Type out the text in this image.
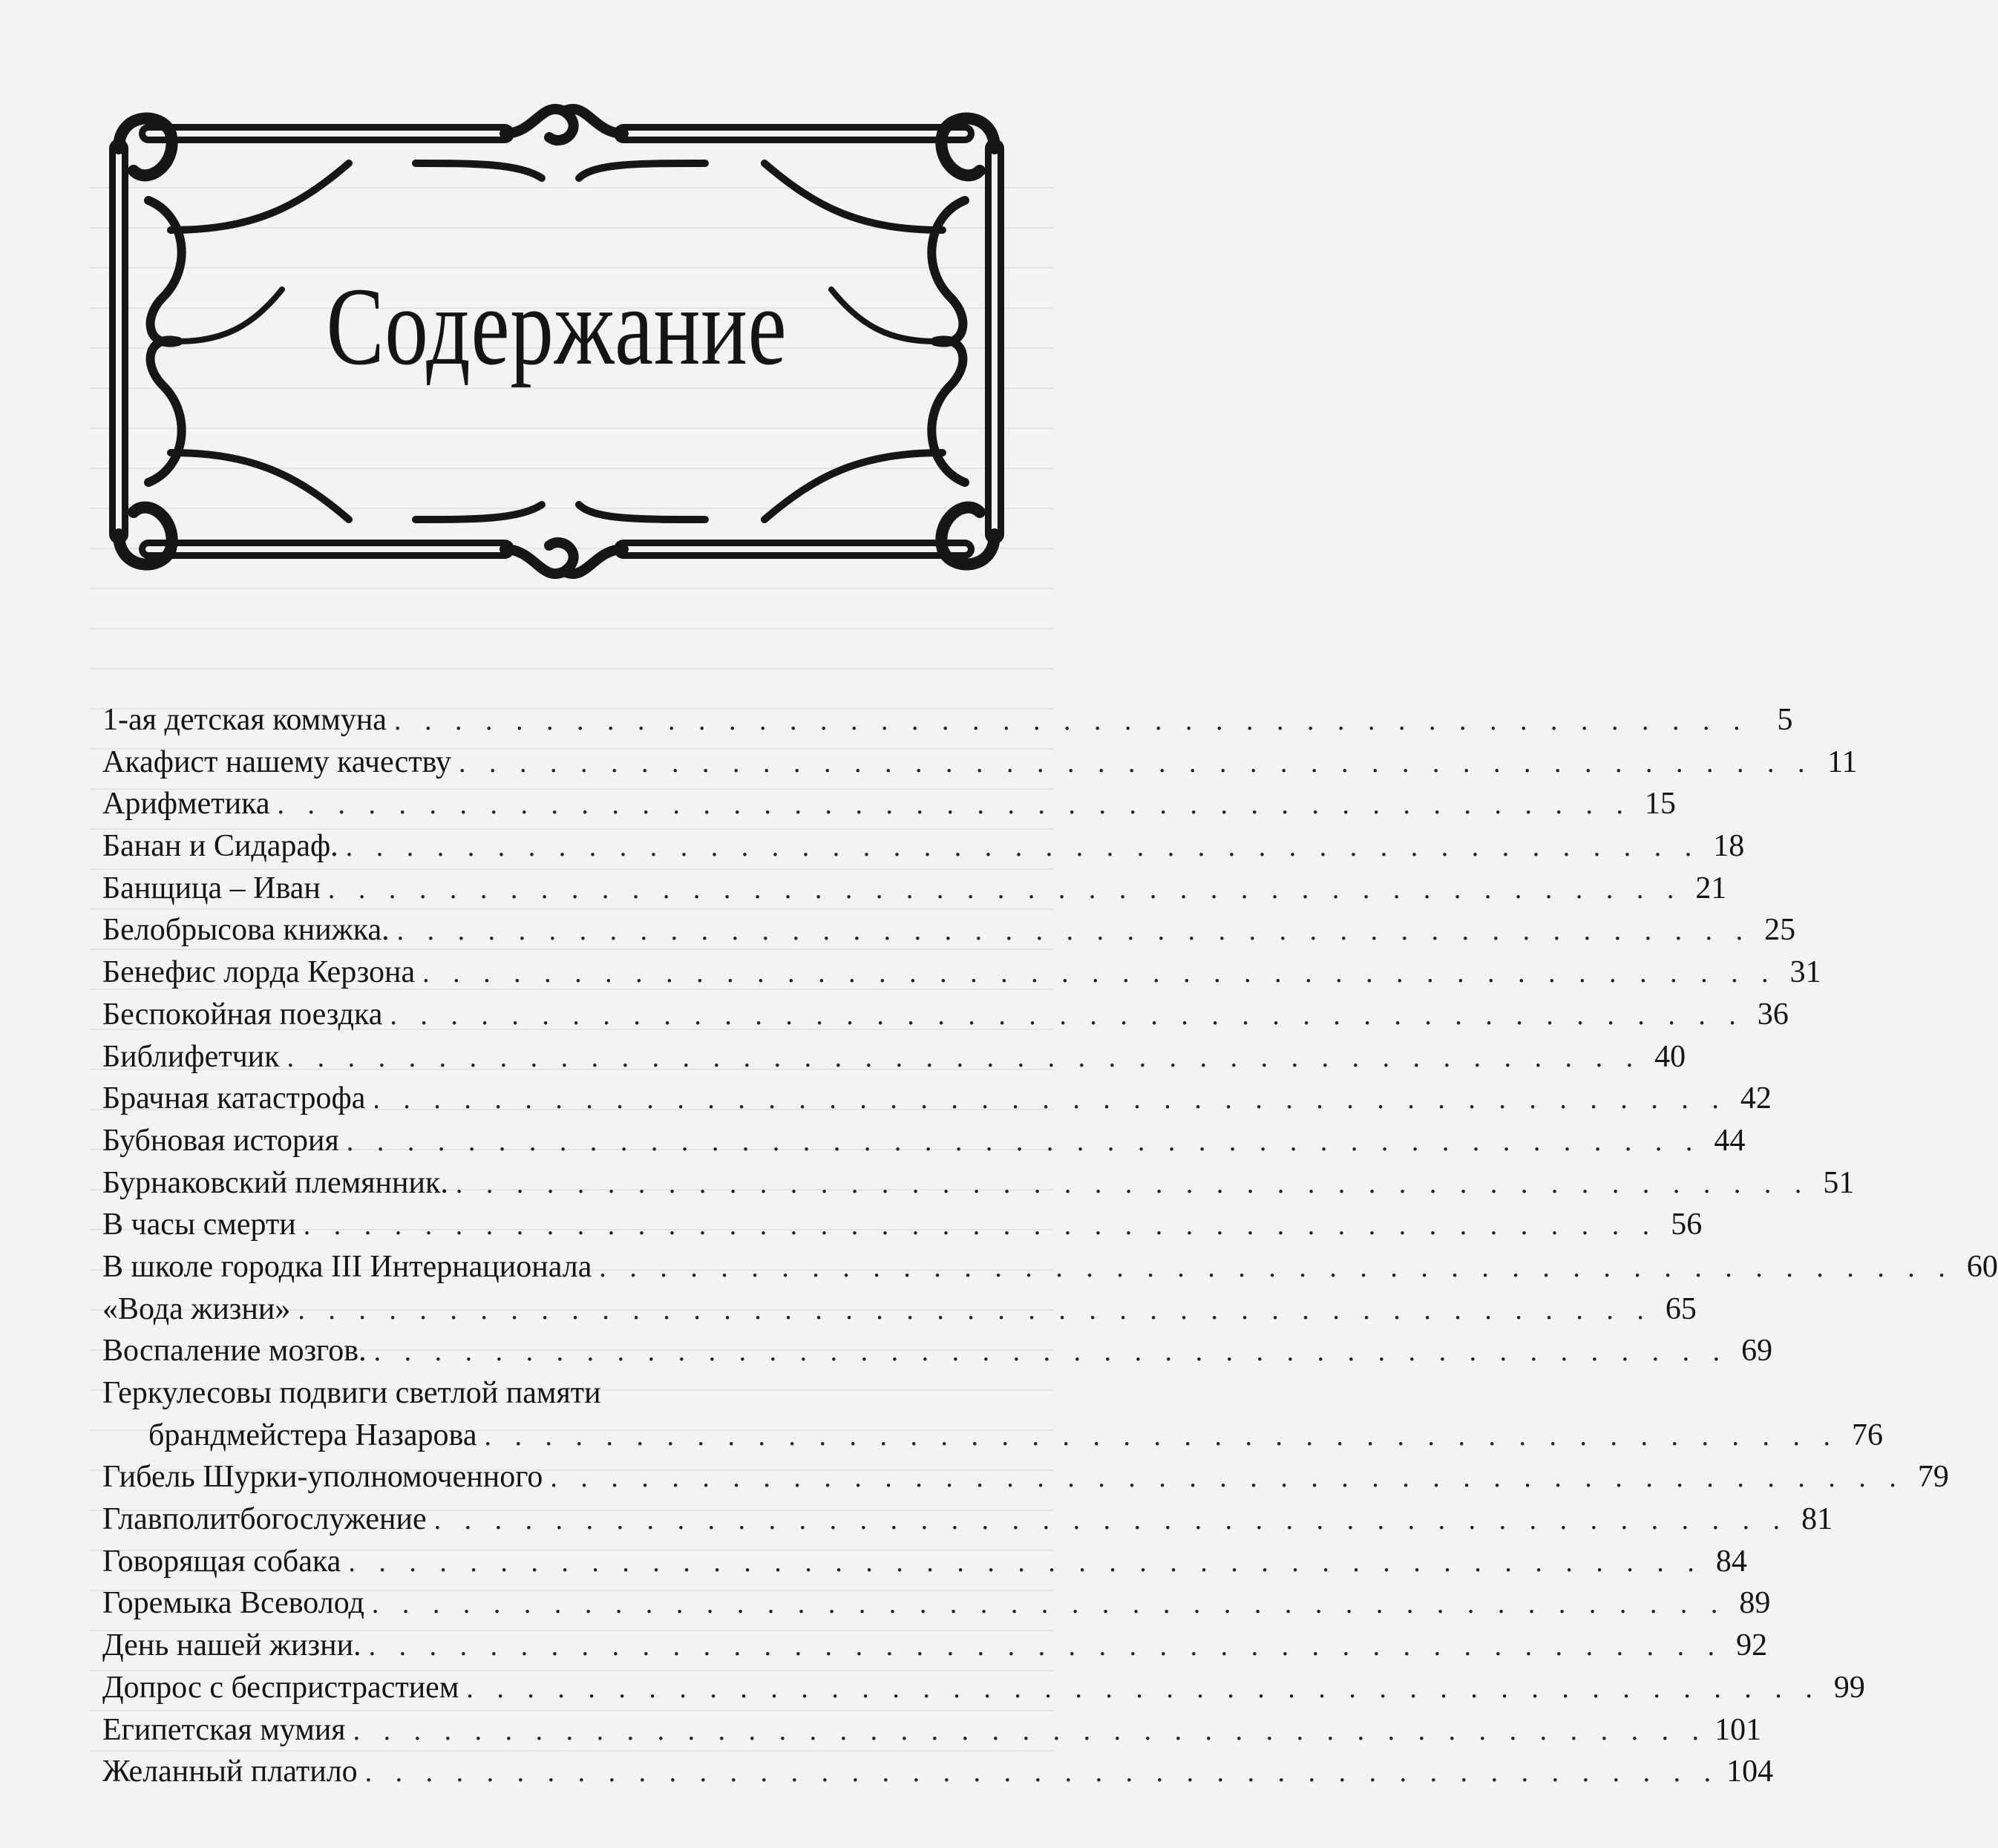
Содержание
1-ая детская коммуна . . . . . . . . . . . . . . . . . . . . . . . . . . . . . . . . . . . . . . . . . . . . . 5
Акафист нашему качеству . . . . . . . . . . . . . . . . . . . . . . . . . . . . . . . . . . . . . . . . . . . . . 11
Арифметика . . . . . . . . . . . . . . . . . . . . . . . . . . . . . . . . . . . . . . . . . . . . . 15
Банан и Сидараф. . . . . . . . . . . . . . . . . . . . . . . . . . . . . . . . . . . . . . . . . . . . . . 18
Банщица – Иван . . . . . . . . . . . . . . . . . . . . . . . . . . . . . . . . . . . . . . . . . . . . . 21
Белобрысова книжка. . . . . . . . . . . . . . . . . . . . . . . . . . . . . . . . . . . . . . . . . . . . . . 25
Бенефис лорда Керзона . . . . . . . . . . . . . . . . . . . . . . . . . . . . . . . . . . . . . . . . . . . . . 31
Беспокойная поездка . . . . . . . . . . . . . . . . . . . . . . . . . . . . . . . . . . . . . . . . . . . . . 36
Библифетчик . . . . . . . . . . . . . . . . . . . . . . . . . . . . . . . . . . . . . . . . . . . . . 40
Брачная катастрофа . . . . . . . . . . . . . . . . . . . . . . . . . . . . . . . . . . . . . . . . . . . . . 42
Бубновая история . . . . . . . . . . . . . . . . . . . . . . . . . . . . . . . . . . . . . . . . . . . . . 44
Бурнаковский племянник. . . . . . . . . . . . . . . . . . . . . . . . . . . . . . . . . . . . . . . . . . . . . . 51
В часы смерти . . . . . . . . . . . . . . . . . . . . . . . . . . . . . . . . . . . . . . . . . . . . . 56
В школе городка III Интернационала . . . . . . . . . . . . . . . . . . . . . . . . . . . . . . . . . . . . . . . . . . . . . 60
«Вода жизни» . . . . . . . . . . . . . . . . . . . . . . . . . . . . . . . . . . . . . . . . . . . . . 65
Воспаление мозгов. . . . . . . . . . . . . . . . . . . . . . . . . . . . . . . . . . . . . . . . . . . . . . 69
Геркулесовы подвиги светлой памяти
брандмейстера Назарова . . . . . . . . . . . . . . . . . . . . . . . . . . . . . . . . . . . . . . . . . . . . . 76
Гибель Шурки-уполномоченного . . . . . . . . . . . . . . . . . . . . . . . . . . . . . . . . . . . . . . . . . . . . . 79
Главполитбогослужение . . . . . . . . . . . . . . . . . . . . . . . . . . . . . . . . . . . . . . . . . . . . . 81
Говорящая собака . . . . . . . . . . . . . . . . . . . . . . . . . . . . . . . . . . . . . . . . . . . . . 84
Горемыка Всеволод . . . . . . . . . . . . . . . . . . . . . . . . . . . . . . . . . . . . . . . . . . . . . 89
День нашей жизни. . . . . . . . . . . . . . . . . . . . . . . . . . . . . . . . . . . . . . . . . . . . . . 92
Допрос с беспристрастием . . . . . . . . . . . . . . . . . . . . . . . . . . . . . . . . . . . . . . . . . . . . . 99
Египетская мумия . . . . . . . . . . . . . . . . . . . . . . . . . . . . . . . . . . . . . . . . . . . . . 101
Желанный платило . . . . . . . . . . . . . . . . . . . . . . . . . . . . . . . . . . . . . . . . . . . . . 104
